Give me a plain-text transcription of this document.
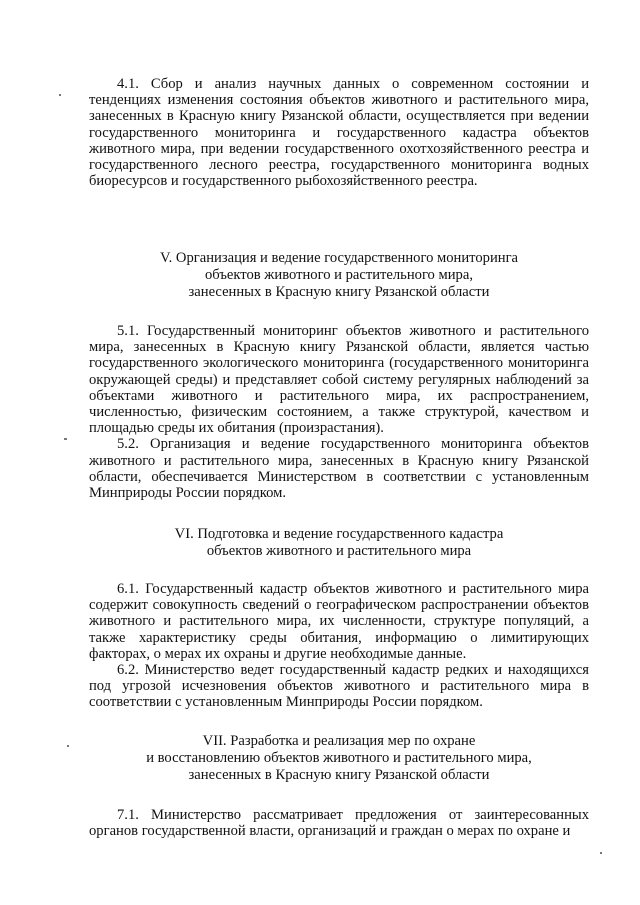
4.1. Сбор и анализ научных данных о современном состоянии и тенденциях изменения состояния объектов животного и растительного мира, занесенных в Красную книгу Рязанской области, осуществляется при ведении государственного мониторинга и государственного кадастра объектов животного мира, при ведении государственного охотхозяйственного реестра и государственного лесного реестра, государственного мониторинга водных биоресурсов и государственного рыбохозяйственного реестра.

V. Организация и ведение государственного мониторинга
объектов животного и растительного мира,
занесенных в Красную книгу Рязанской области

5.1. Государственный мониторинг объектов животного и растительного мира, занесенных в Красную книгу Рязанской области, является частью государственного экологического мониторинга (государственного мониторинга окружающей среды) и представляет собой систему регулярных наблюдений за объектами животного и растительного мира, их распространением, численностью, физическим состоянием, а также структурой, качеством и площадью среды их обитания (произрастания).

5.2. Организация и ведение государственного мониторинга объектов животного и растительного мира, занесенных в Красную книгу Рязанской области, обеспечивается Министерством в соответствии с установленным Минприроды России порядком.

VI. Подготовка и ведение государственного кадастра
объектов животного и растительного мира

6.1. Государственный кадастр объектов животного и растительного мира содержит совокупность сведений о географическом распространении объектов животного и растительного мира, их численности, структуре популяций, а также характеристику среды обитания, информацию о лимитирующих факторах, о мерах их охраны и другие необходимые данные.

6.2. Министерство ведет государственный кадастр редких и находящихся под угрозой исчезновения объектов животного и растительного мира в соответствии с установленным Минприроды России порядком.

VII. Разработка и реализация мер по охране
и восстановлению объектов животного и растительного мира,
занесенных в Красную книгу Рязанской области

7.1. Министерство рассматривает предложения от заинтересованных органов государственной власти, организаций и граждан о мерах по охране и
